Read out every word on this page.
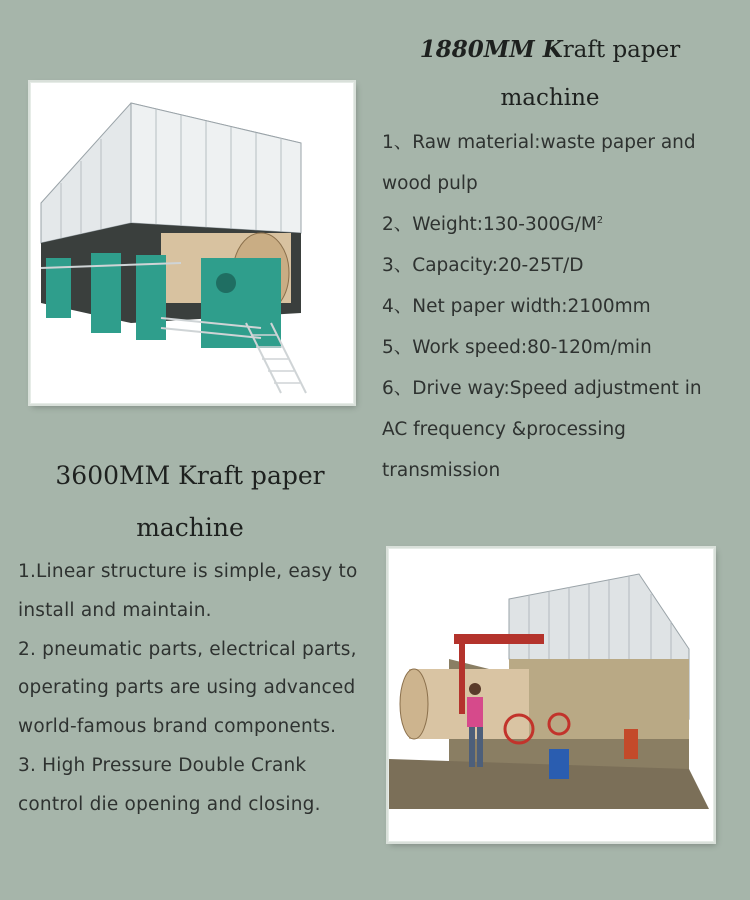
1880MM Kraft paper
machine
1、Raw material:waste paper and wood pulp
2、$Weight:130-300G/M^2$
3、Capacity:20-25T/D
4、Net paper width:2100mm
5、Work speed:80-120m/min
6、Drive way:Speed adjustment in AC frequency &processing transmission
3600MM Kraft paper
machine
1.Linear structure is simple, easy to install and maintain.
2. pneumatic parts, electrical parts, operating parts are using advanced world-famous brand components.
3. High Pressure Double Crank control die opening and closing.
